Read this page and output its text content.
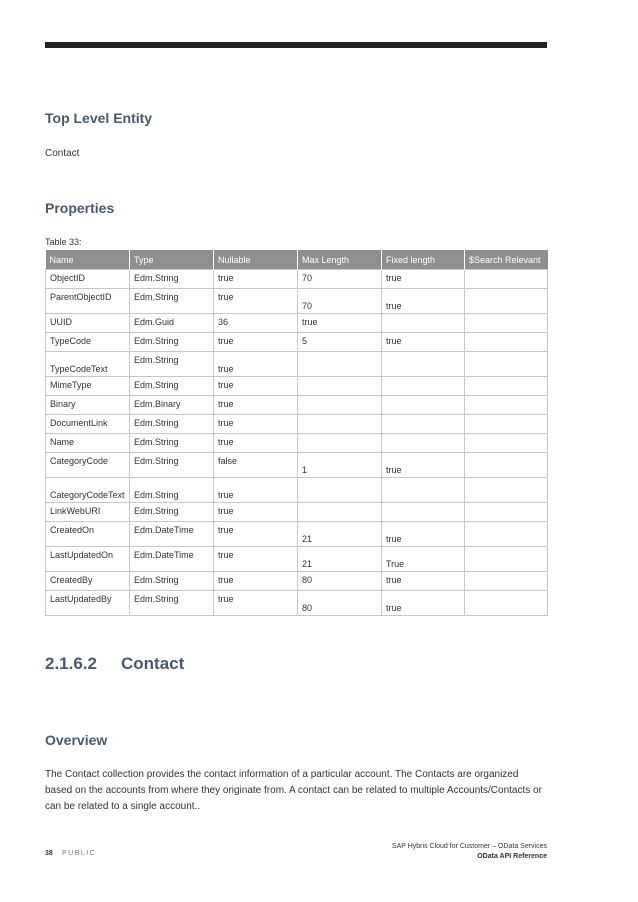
Top Level Entity
Contact
Properties
Table 33:
Name	Type	Nullable	Max Length	Fixed length	$Search Relevant
ObjectID	Edm.String	true	70	true	
ParentObjectID	Edm.String	true	70	true	
UUID	Edm.Guid	36	true		
TypeCode	Edm.String	true	5	true	
TypeCodeText	Edm.String	true			
MimeType	Edm.String	true			
Binary	Edm.Binary	true			
DocumentLink	Edm.String	true			
Name	Edm.String	true			
CategoryCode	Edm.String	false	1	true	
CategoryCodeText	Edm.String	true			
LinkWebURI	Edm.String	true			
CreatedOn	Edm.DateTime	true	21	true	
LastUpdatedOn	Edm.DateTime	true	21	True	
CreatedBy	Edm.String	true	80	true	
LastUpdatedBy	Edm.String	true	80	true	
2.1.6.2 Contact
Overview
The Contact collection provides the contact information of a particular account. The Contacts are organized based on the accounts from where they originate from. A contact can be related to multiple Accounts/Contacts or can be related to a single account..
38 PUBLIC
SAP Hybris Cloud for Customer – OData Services
OData API Reference
